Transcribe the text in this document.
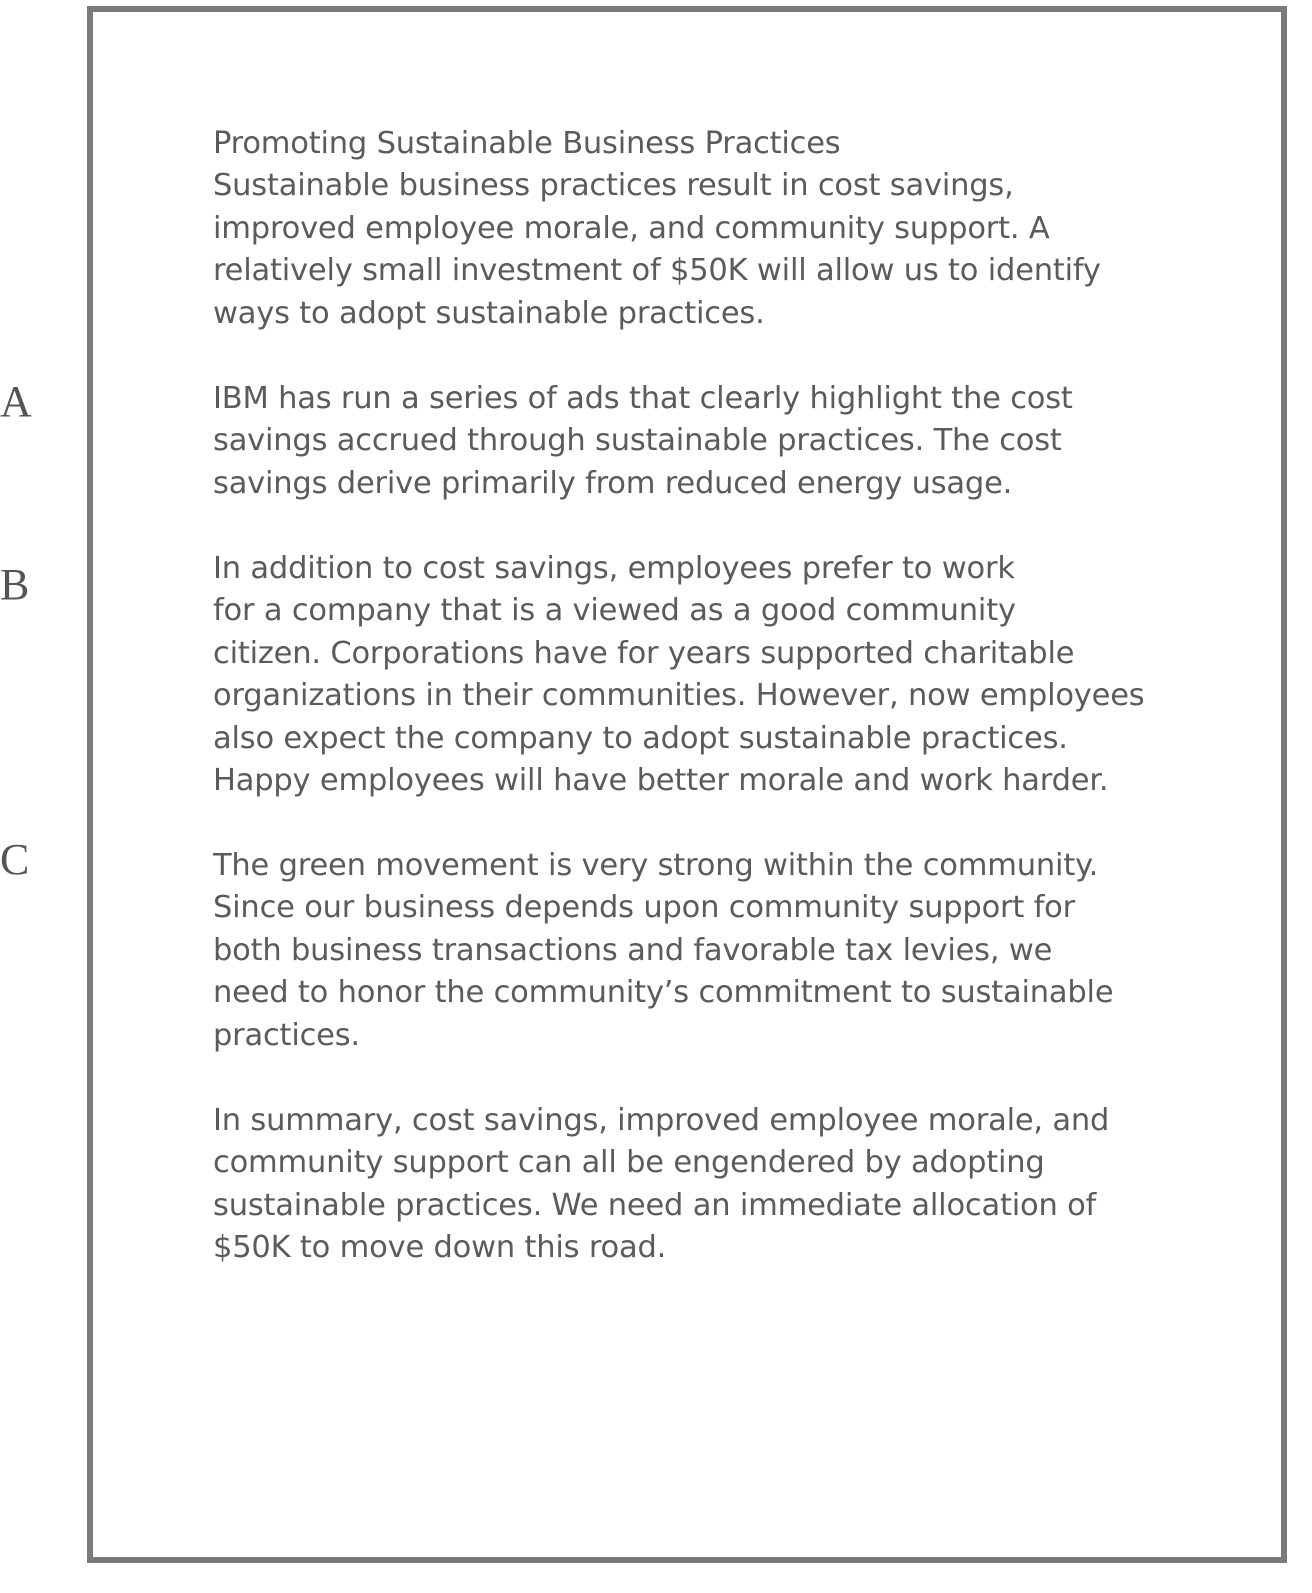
A
B
C
Promoting Sustainable Business Practices
Sustainable business practices result in cost savings,
improved employee morale, and community support. A
relatively small investment of $50K will allow us to identify
ways to adopt sustainable practices.
IBM has run a series of ads that clearly highlight the cost
savings accrued through sustainable practices. The cost
savings derive primarily from reduced energy usage.
In addition to cost savings, employees prefer to work
for a company that is a viewed as a good community
citizen. Corporations have for years supported charitable
organizations in their communities. However, now employees
also expect the company to adopt sustainable practices.
Happy employees will have better morale and work harder.
The green movement is very strong within the community.
Since our business depends upon community support for
both business transactions and favorable tax levies, we
need to honor the community’s commitment to sustainable
practices.
In summary, cost savings, improved employee morale, and
community support can all be engendered by adopting
sustainable practices. We need an immediate allocation of
$50K to move down this road.
